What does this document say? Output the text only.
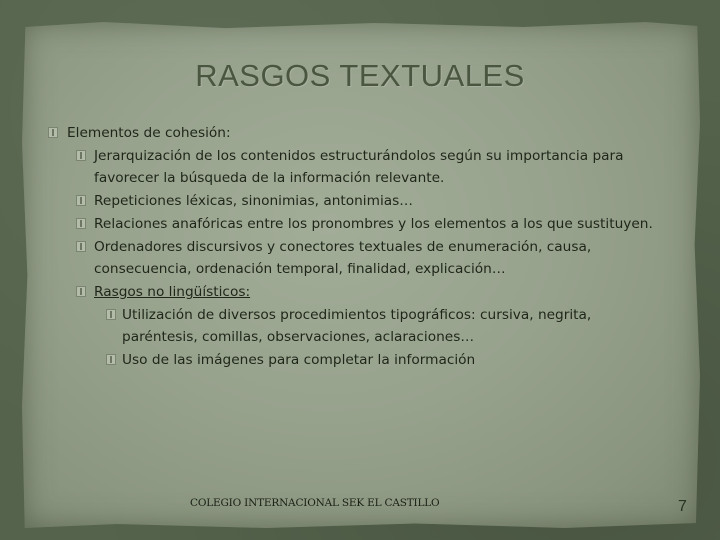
RASGOS TEXTUALES
Elementos de cohesión:
Jerarquización de los contenidos estructurándolos según su importancia para favorecer la búsqueda de la información relevante.
Repeticiones léxicas, sinonimias, antonimias…
Relaciones anafóricas entre los pronombres y los elementos a los que sustituyen.
Ordenadores discursivos y conectores textuales de enumeración, causa, consecuencia, ordenación temporal, finalidad, explicación…
Rasgos no lingüísticos:
Utilización de diversos procedimientos tipográficos: cursiva, negrita, paréntesis, comillas, observaciones, aclaraciones…
Uso de las imágenes para completar la información
COLEGIO INTERNACIONAL SEK EL CASTILLO	7
